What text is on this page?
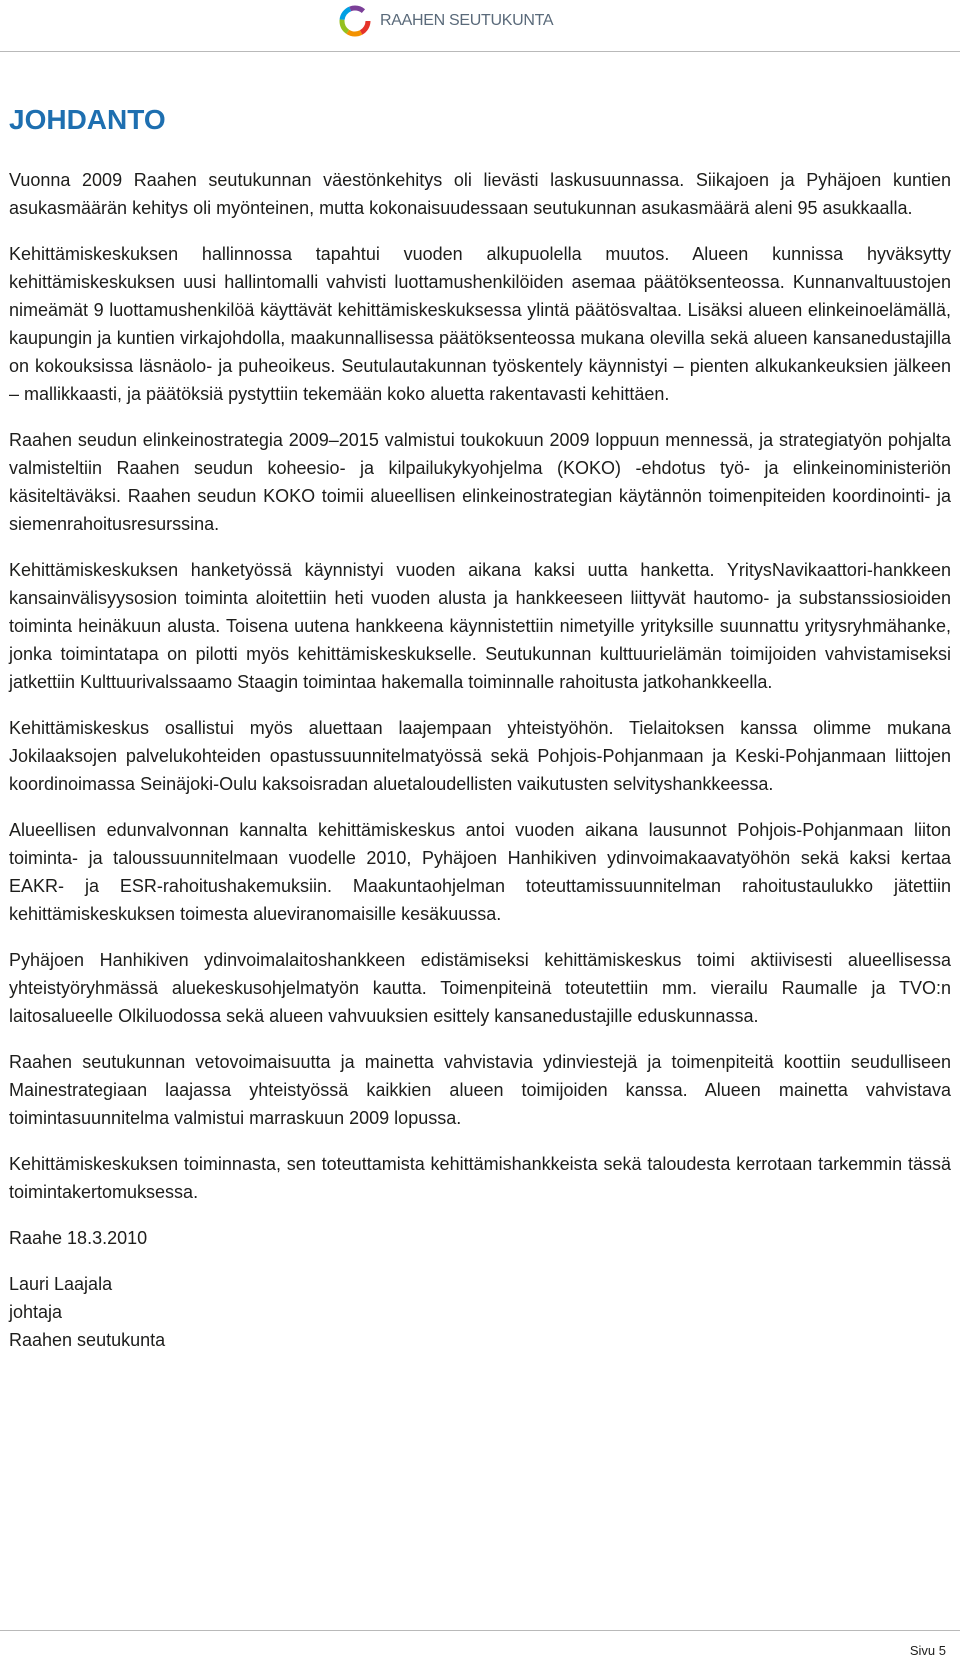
RAAHEN SEUTUKUNTA
JOHDANTO

Vuonna 2009 Raahen seutukunnan väestönkehitys oli lievästi laskusuunnassa. Siikajoen ja Pyhäjoen kuntien asukasmäärän kehitys oli myönteinen, mutta kokonaisuudessaan seutukunnan asukasmäärä aleni 95 asukkaalla.

Kehittämiskeskuksen hallinnossa tapahtui vuoden alkupuolella muutos. Alueen kunnissa hyväksytty kehittämiskeskuksen uusi hallintomalli vahvisti luottamushenkilöiden asemaa päätöksenteossa. Kunnanvaltuustojen nimeämät 9 luottamushenkilöä käyttävät kehittämiskeskuksessa ylintä päätösvaltaa. Lisäksi alueen elinkeinoelämällä, kaupungin ja kuntien virkajohdolla, maakunnallisessa päätöksenteossa mukana olevilla sekä alueen kansanedustajilla on kokouksissa läsnäolo- ja puheoikeus. Seutulautakunnan työskentely käynnistyi – pienten alkukankeuksien jälkeen – mallikkaasti, ja päätöksiä pystyttiin tekemään koko aluetta rakentavasti kehittäen.

Raahen seudun elinkeinostrategia 2009–2015 valmistui toukokuun 2009 loppuun mennessä, ja strategiatyön pohjalta valmisteltiin Raahen seudun koheesio- ja kilpailukykyohjelma (KOKO) -ehdotus työ- ja elinkeinoministeriön käsiteltäväksi. Raahen seudun KOKO toimii alueellisen elinkeinostrategian käytännön toimenpiteiden koordinointi- ja siemenrahoitusresurssina.

Kehittämiskeskuksen hanketyössä käynnistyi vuoden aikana kaksi uutta hanketta. YritysNavikaattori-hankkeen kansainvälisyysosion toiminta aloitettiin heti vuoden alusta ja hankkeeseen liittyvät hautomo- ja substanssiosioiden toiminta heinäkuun alusta. Toisena uutena hankkeena käynnistettiin nimetyille yrityksille suunnattu yritysryhmähanke, jonka toimintatapa on pilotti myös kehittämiskeskukselle. Seutukunnan kulttuurielämän toimijoiden vahvistamiseksi jatkettiin Kulttuurivalssaamo Staagin toimintaa hakemalla toiminnalle rahoitusta jatkohankkeella.

Kehittämiskeskus osallistui myös aluettaan laajempaan yhteistyöhön. Tielaitoksen kanssa olimme mukana Jokilaaksojen palvelukohteiden opastussuunnitelmatyössä sekä Pohjois-Pohjanmaan ja Keski-Pohjanmaan liittojen koordinoimassa Seinäjoki-Oulu kaksoisradan aluetaloudellisten vaikutusten selvityshankkeessa.

Alueellisen edunvalvonnan kannalta kehittämiskeskus antoi vuoden aikana lausunnot Pohjois-Pohjanmaan liiton toiminta- ja taloussuunnitelmaan vuodelle 2010, Pyhäjoen Hanhikiven ydinvoimakaavatyöhön sekä kaksi kertaa EAKR- ja ESR-rahoitushakemuksiin. Maakuntaohjelman toteuttamissuunnitelman rahoitustaulukko jätettiin kehittämiskeskuksen toimesta alueviranomaisille kesäkuussa.

Pyhäjoen Hanhikiven ydinvoimalaitoshankkeen edistämiseksi kehittämiskeskus toimi aktiivisesti alueellisessa yhteistyöryhmässä aluekeskusohjelmatyön kautta. Toimenpiteinä toteutettiin mm. vierailu Raumalle ja TVO:n laitosalueelle Olkiluodossa sekä alueen vahvuuksien esittely kansanedustajille eduskunnassa.

Raahen seutukunnan vetovoimaisuutta ja mainetta vahvistavia ydinviestejä ja toimenpiteitä koottiin seudulliseen Mainestrategiaan laajassa yhteistyössä kaikkien alueen toimijoiden kanssa. Alueen mainetta vahvistava toimintasuunnitelma valmistui marraskuun 2009 lopussa.

Kehittämiskeskuksen toiminnasta, sen toteuttamista kehittämishankkeista sekä taloudesta kerrotaan tarkemmin tässä toimintakertomuksessa.

Raahe 18.3.2010

Lauri Laajala
johtaja
Raahen seutukunta

Sivu 5
